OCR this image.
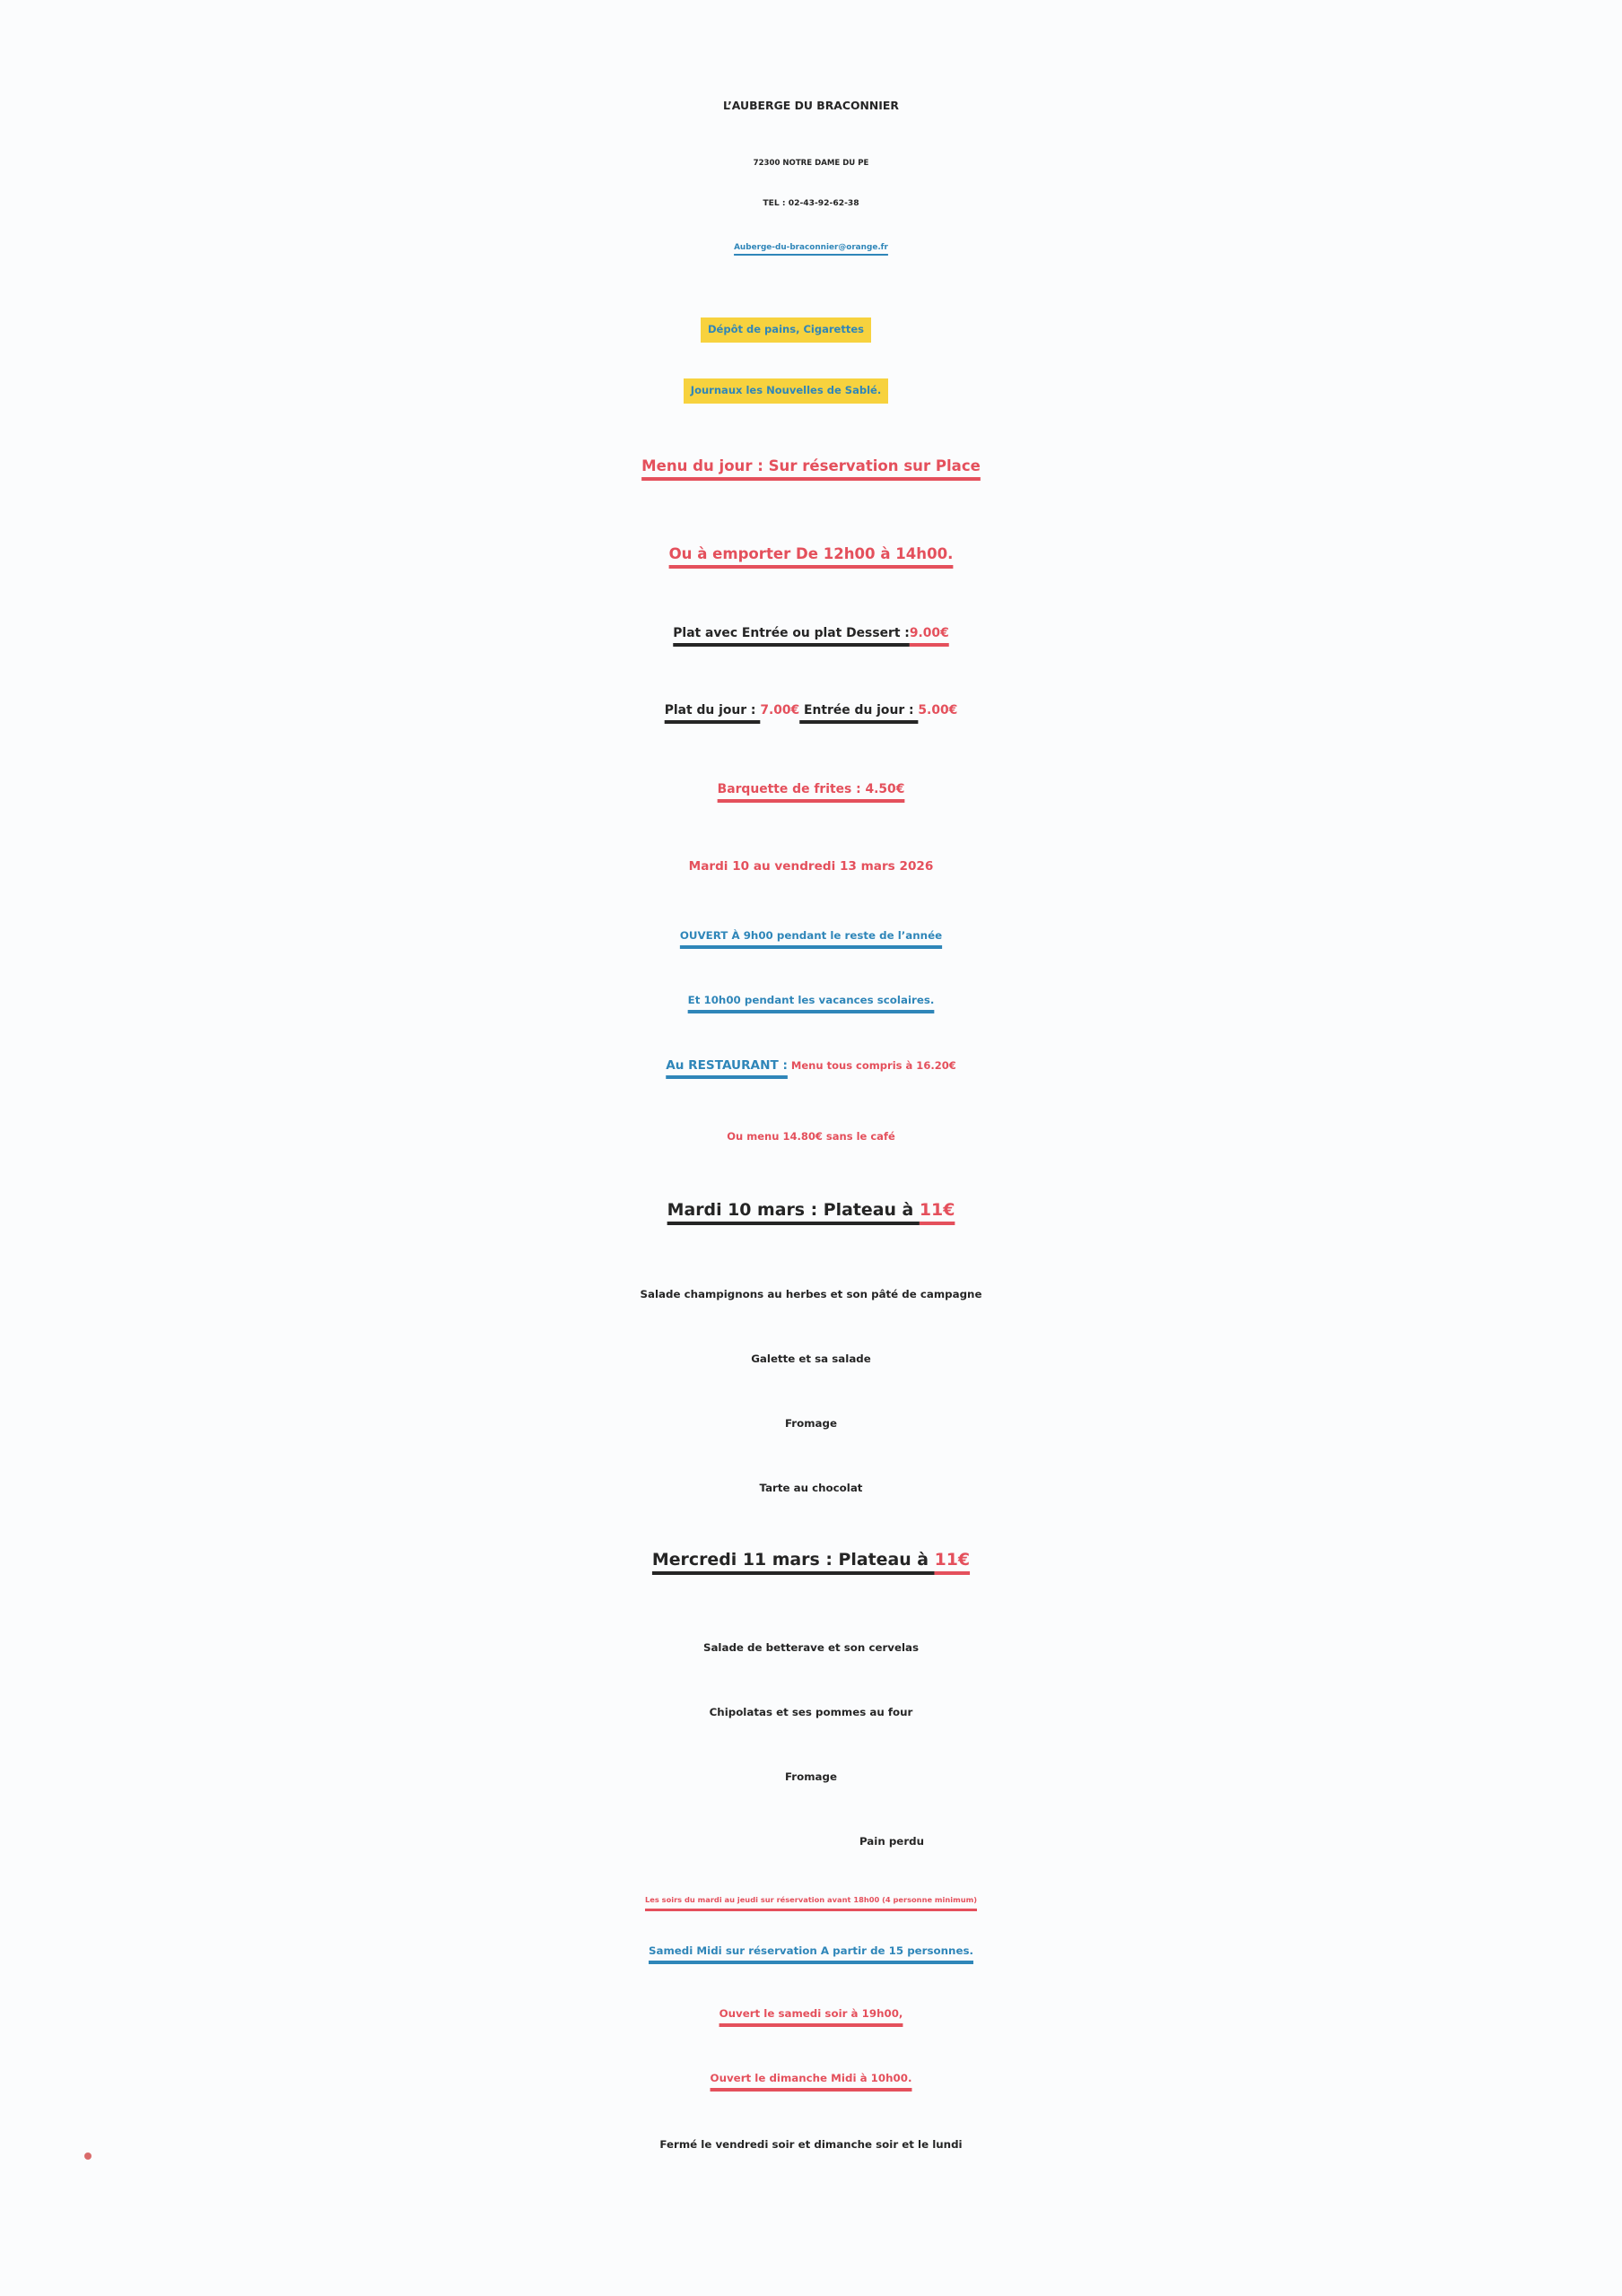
L’AUBERGE DU BRACONNIER
72300 NOTRE DAME DU PE
TEL : 02-43-92-62-38
Auberge-du-braconnier@orange.fr
Dépôt de pains, Cigarettes
Journaux les Nouvelles de Sablé.
Menu du jour : Sur réservation sur Place
Ou à emporter De 12h00 à 14h00.
Plat avec Entrée ou plat Dessert :9.00€
Plat du jour : 7.00€ Entrée du jour : 5.00€
Barquette de frites : 4.50€
Mardi 10 au vendredi 13 mars 2026
OUVERT À 9h00 pendant le reste de l’année
Et 10h00 pendant les vacances scolaires.
Au RESTAURANT : Menu tous compris à 16.20€
Ou menu 14.80€ sans le café
Mardi 10 mars : Plateau à 11€
Salade champignons au herbes et son pâté de campagne
Galette et sa salade
Fromage
Tarte au chocolat
Mercredi 11 mars : Plateau à 11€
Salade de betterave et son cervelas
Chipolatas et ses pommes au four
Fromage
Pain perdu
Les soirs du mardi au jeudi sur réservation avant 18h00 (4 personne minimum)
Samedi Midi sur réservation A partir de 15 personnes.
Ouvert le samedi soir à 19h00,
Ouvert le dimanche Midi à 10h00.
Fermé le vendredi soir et dimanche soir et le lundi
